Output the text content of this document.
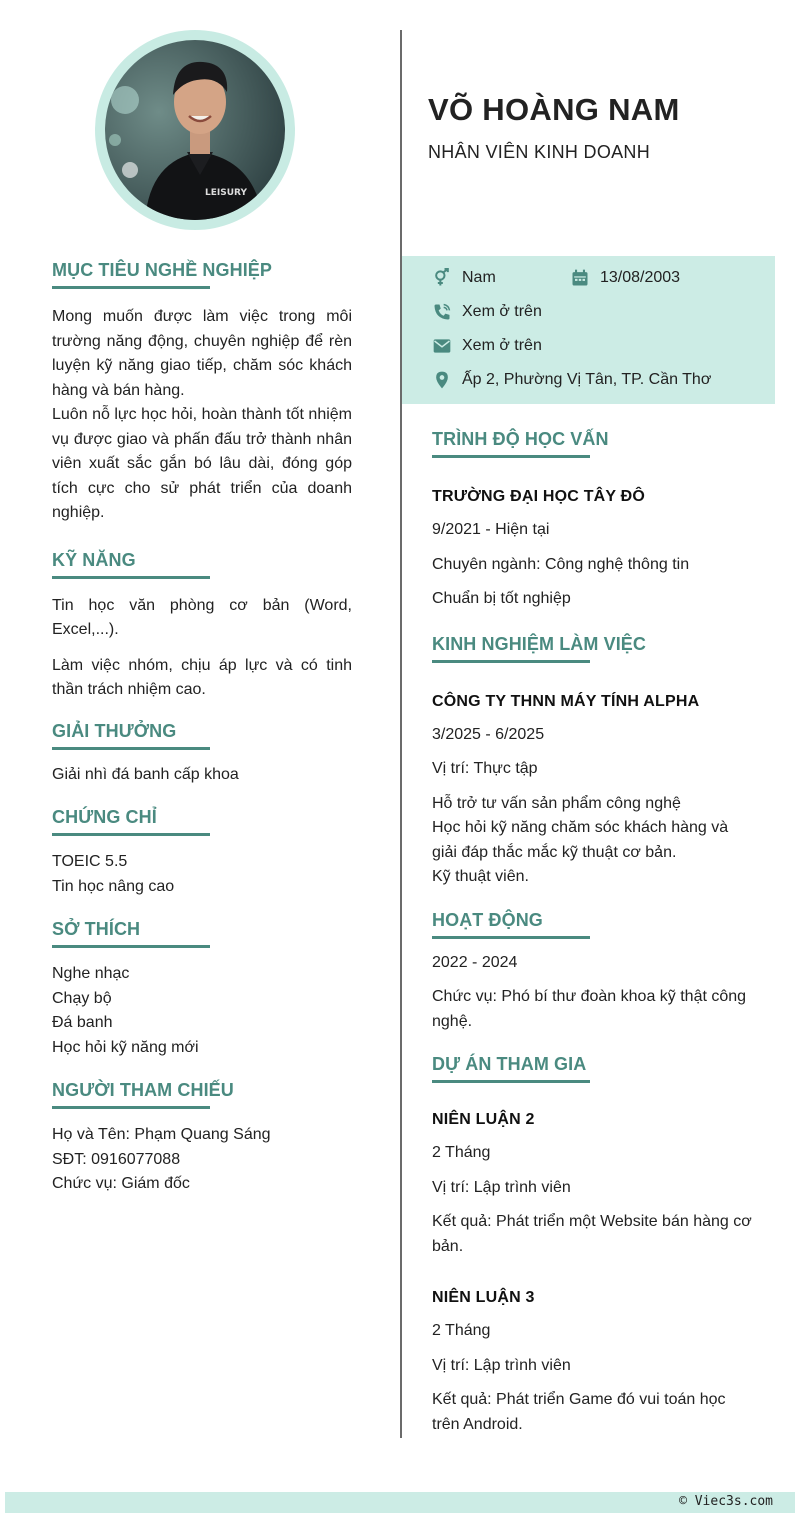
LEISURY
VÕ HOÀNG NAM
NHÂN VIÊN KINH DOANH
Nam	13/08/2003
Xem ở trên
Xem ở trên
Ấp 2, Phường Vị Tân, TP. Cần Thơ
MỤC TIÊU NGHỀ NGHIỆP
Mong muốn được làm việc trong môi trường năng động, chuyên nghiệp để rèn luyện kỹ năng giao tiếp, chăm sóc khách hàng và bán hàng.
Luôn nỗ lực học hỏi, hoàn thành tốt nhiệm vụ được giao và phấn đấu trở thành nhân viên xuất sắc gắn bó lâu dài, đóng góp tích cực cho sử phát triển của doanh nghiệp.
KỸ NĂNG
Tin học văn phòng cơ bản (Word, Excel,...).
Làm việc nhóm, chịu áp lực và có tinh thần trách nhiệm cao.
GIẢI THƯỞNG
Giải nhì đá banh cấp khoa
CHỨNG CHỈ
TOEIC 5.5
Tin học nâng cao
SỞ THÍCH
Nghe nhạc
Chạy bộ
Đá banh
Học hỏi kỹ năng mới
NGƯỜI THAM CHIẾU
Họ và Tên: Phạm Quang Sáng
SĐT: 0916077088
Chức vụ: Giám đốc
TRÌNH ĐỘ HỌC VẤN
TRƯỜNG ĐẠI HỌC TÂY ĐÔ
9/2021 - Hiện tại
Chuyên ngành: Công nghệ thông tin
Chuẩn bị tốt nghiệp
KINH NGHIỆM LÀM VIỆC
CÔNG TY THNN MÁY TÍNH ALPHA
3/2025 - 6/2025
Vị trí: Thực tập
Hỗ trở tư vấn sản phẩm công nghệ
Học hỏi kỹ năng chăm sóc khách hàng và giải đáp thắc mắc kỹ thuật cơ bản.
Kỹ thuật viên.
HOẠT ĐỘNG
2022 - 2024
Chức vụ: Phó bí thư đoàn khoa kỹ thật công nghệ.
DỰ ÁN THAM GIA
NIÊN LUẬN 2
2 Tháng
Vị trí: Lập trình viên
Kết quả: Phát triển một Website bán hàng cơ bản.
NIÊN LUẬN 3
2 Tháng
Vị trí: Lập trình viên
Kết quả: Phát triển Game đó vui toán học trên Android.
© Viec3s.com
